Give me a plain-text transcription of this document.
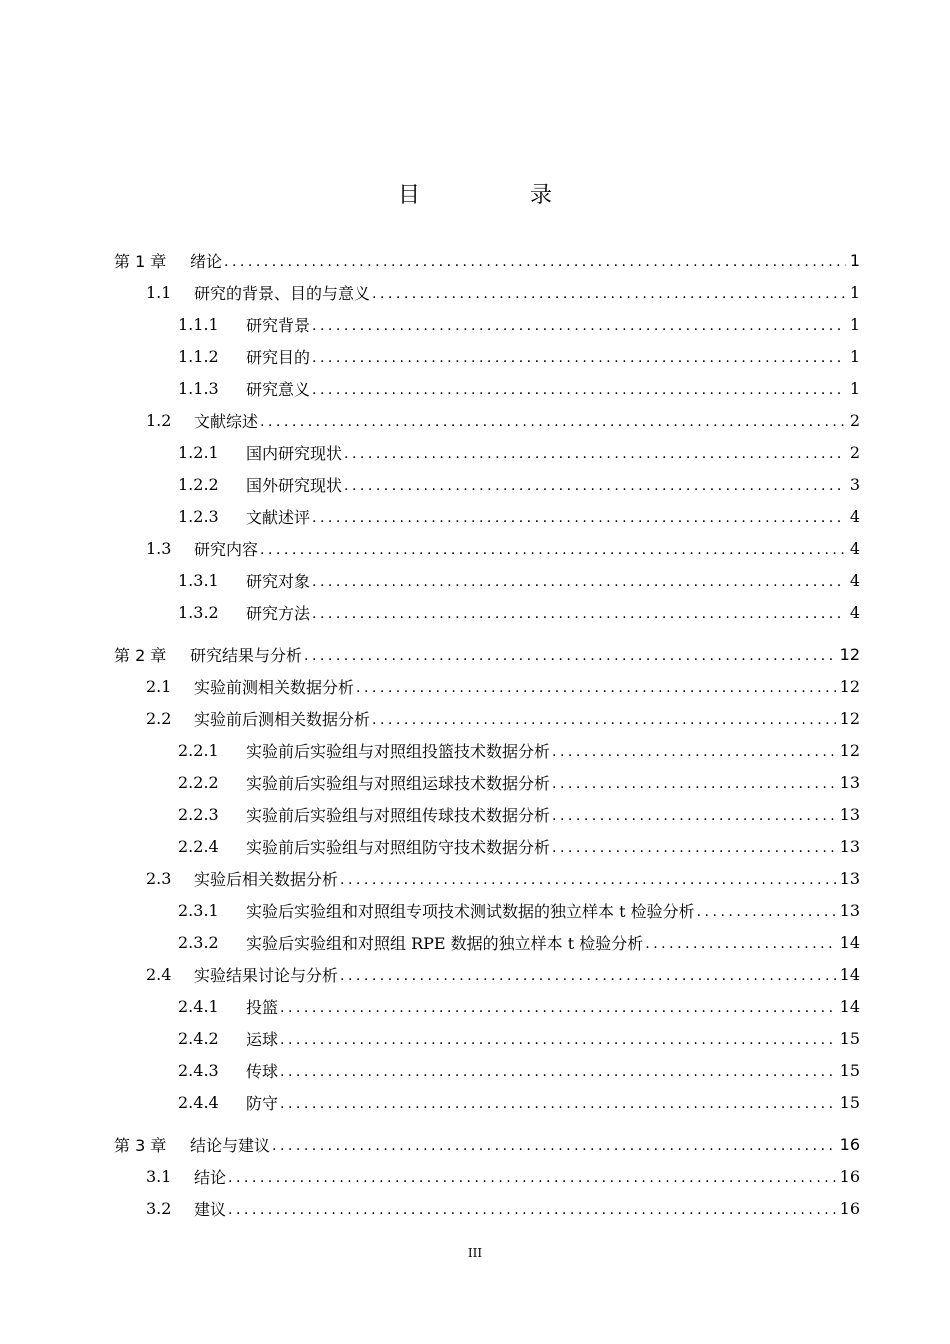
目　录
第 1 章	绪论 .....	1
1.1	研究的背景、目的与意义 .....	1
1.1.1	研究背景 .....	1
1.1.2	研究目的 .....	1
1.1.3	研究意义 .....	1
1.2	文献综述 .....	2
1.2.1	国内研究现状 .....	2
1.2.2	国外研究现状 .....	3
1.2.3	文献述评 .....	4
1.3	研究内容 .....	4
1.3.1	研究对象 .....	4
1.3.2	研究方法 .....	4
第 2 章	研究结果与分析 .....	12
2.1	实验前测相关数据分析 .....	12
2.2	实验前后测相关数据分析 .....	12
2.2.1	实验前后实验组与对照组投篮技术数据分析 .....	12
2.2.2	实验前后实验组与对照组运球技术数据分析 .....	13
2.2.3	实验前后实验组与对照组传球技术数据分析 .....	13
2.2.4	实验前后实验组与对照组防守技术数据分析 .....	13
2.3	实验后相关数据分析 .....	13
2.3.1	实验后实验组和对照组专项技术测试数据的独立样本 t 检验分析 .....	13
2.3.2	实验后实验组和对照组 RPE 数据的独立样本 t 检验分析 .....	14
2.4	实验结果讨论与分析 .....	14
2.4.1	投篮 .....	14
2.4.2	运球 .....	15
2.4.3	传球 .....	15
2.4.4	防守 .....	15
第 3 章	结论与建议 .....	16
3.1	结论 .....	16
3.2	建议 .....	16
III
